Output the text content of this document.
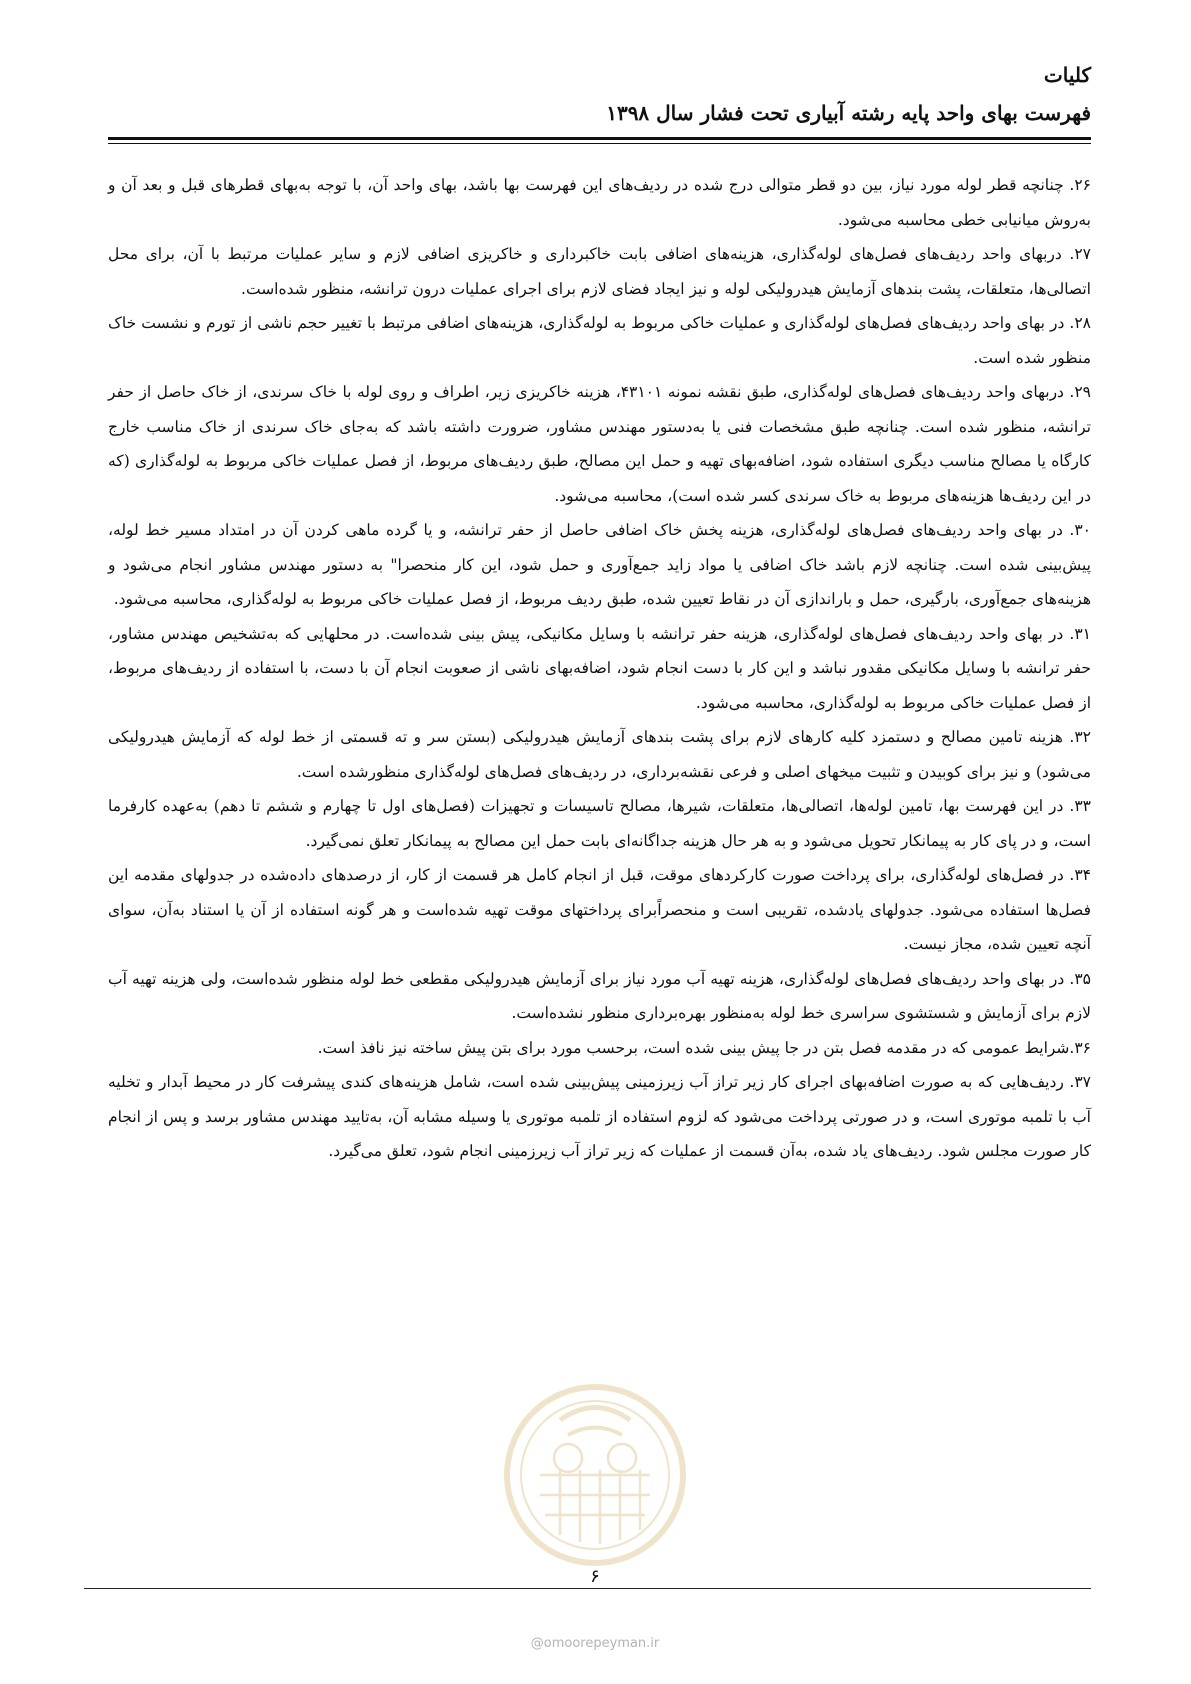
کلیات
فهرست بهای واحد پایه رشته آبیاری تحت فشار سال ۱۳۹۸

۲۶. چنانچه قطر لوله مورد نیاز، بین دو قطر متوالی درج شده در ردیف‌های این فهرست بها باشد، بهای واحد آن، با توجه به‌بهای قطرهای قبل و بعد آن و به‌روش میانیابی خطی محاسبه می‌شود.

۲۷. دربهای واحد ردیف‌های فصل‌های لوله‌گذاری، هزینه‌های اضافی بابت خاکبرداری و خاکریزی اضافی لازم و سایر عملیات مرتبط با آن، برای محل اتصالی‌ها، متعلقات، پشت بندهای آزمایش هیدرولیکی لوله و نیز ایجاد فضای لازم برای اجرای عملیات درون ترانشه، منظور شده‌است.

۲۸. در بهای واحد ردیف‌های فصل‌های لوله‌گذاری و عملیات خاکی مربوط به لوله‌گذاری، هزینه‌های اضافی مرتبط با تغییر حجم ناشی از تورم و نشست خاک منظور شده است.

۲۹. دربهای واحد ردیف‌های فصل‌های لوله‌گذاری، طبق نقشه نمونه ۴۳۱۰۱، هزینه خاکریزی زیر، اطراف و روی لوله با خاک سرندی، از خاک حاصل از حفر ترانشه، منظور شده است. چنانچه طبق مشخصات فنی یا به‌دستور مهندس مشاور، ضرورت داشته باشد که به‌جای خاک سرندی از خاک مناسب خارج کارگاه یا مصالح مناسب دیگری استفاده شود، اضافه‌بهای تهیه و حمل این مصالح، طبق ردیف‌های مربوط، از فصل عملیات خاکی مربوط به لوله‌گذاری (که در این ردیف‌ها هزینه‌های مربوط به خاک سرندی کسر شده است)، محاسبه می‌شود.

۳۰. در بهای واحد ردیف‌های فصل‌های لوله‌گذاری، هزینه پخش خاک اضافی حاصل از حفر ترانشه، و یا گرده ماهی کردن آن در امتداد مسیر خط لوله، پیش‌بینی شده است. چنانچه لازم باشد خاک اضافی یا مواد زاید جمع‌آوری و حمل شود، این کار منحصرا" به دستور مهندس مشاور انجام می‌شود و هزینه‌های جمع‌آوری، بارگیری، حمل و باراندازی آن در نقاط تعیین شده، طبق ردیف مربوط، از فصل عملیات خاکی مربوط به لوله‌گذاری، محاسبه می‌شود.

۳۱. در بهای واحد ردیف‌های فصل‌های لوله‌گذاری، هزینه حفر ترانشه با وسایل مکانیکی، پیش بینی شده‌است. در محلهایی که به‌تشخیص مهندس مشاور، حفر ترانشه با وسایل مکانیکی مقدور نباشد و این کار با دست انجام شود، اضافه‌بهای ناشی از صعوبت انجام آن با دست، با استفاده از ردیف‌های مربوط، از فصل عملیات خاکی مربوط به لوله‌گذاری، محاسبه می‌شود.

۳۲. هزینه تامین مصالح و دستمزد کلیه کارهای لازم برای پشت بندهای آزمایش هیدرولیکی (بستن سر و ته قسمتی از خط لوله که آزمایش هیدرولیکی می‌شود) و نیز برای کوبیدن و تثبیت میخهای اصلی و فرعی نقشه‌برداری، در ردیف‌های فصل‌های لوله‌گذاری منظورشده است.

۳۳. در این فهرست بها، تامین لوله‌ها، اتصالی‌ها، متعلقات، شیرها، مصالح تاسیسات و تجهیزات (فصل‌های اول تا چهارم و ششم تا دهم) به‌عهده کارفرما است، و در پای کار به پیمانکار تحویل می‌شود و به هر حال هزینه جداگانه‌ای بابت حمل این مصالح به پیمانکار تعلق نمی‌گیرد.

۳۴. در فصل‌های لوله‌گذاری، برای پرداخت صورت کارکردهای موقت، قبل از انجام کامل هر قسمت از کار، از درصدهای داده‌شده در جدولهای مقدمه این فصل‌ها استفاده می‌شود. جدولهای یادشده، تقریبی است و منحصراًبرای پرداختهای موقت تهیه شده‌است و هر گونه استفاده از آن یا استناد به‌آن، سوای آنچه تعیین شده، مجاز نیست.

۳۵. در بهای واحد ردیف‌های فصل‌های لوله‌گذاری، هزینه تهیه آب مورد نیاز برای آزمایش هیدرولیکی مقطعی خط لوله منظور شده‌است، ولی هزینه تهیه آب لازم برای آزمایش و شستشوی سراسری خط لوله به‌منظور بهره‌برداری منظور نشده‌است.

۳۶.شرایط عمومی که در مقدمه فصل بتن در جا پیش بینی شده است، برحسب مورد برای بتن پیش ساخته نیز نافذ است.

۳۷. ردیف‌هایی که به صورت اضافه‌بهای اجرای کار زیر تراز آب زیرزمینی پیش‌بینی شده است، شامل هزینه‌های کندی پیشرفت کار در محیط آبدار و تخلیه آب با تلمبه موتوری است، و در صورتی پرداخت می‌شود که لزوم استفاده از تلمبه موتوری یا وسیله مشابه آن، به‌تایید مهندس مشاور برسد و پس از انجام کار صورت مجلس شود. ردیف‌های یاد شده، به‌آن قسمت از عملیات که زیر تراز آب زیرزمینی انجام شود، تعلق می‌گیرد.

۶
@omoorepeyman.ir
